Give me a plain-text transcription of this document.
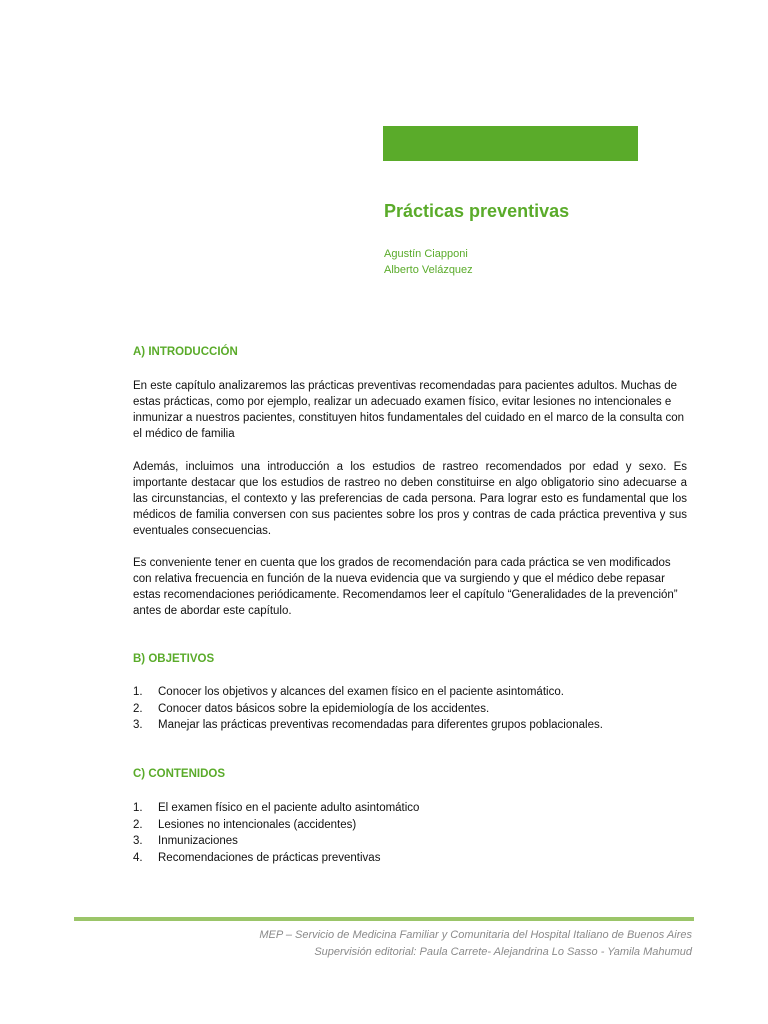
Prácticas preventivas
Agustín Ciapponi
Alberto Velázquez
A) INTRODUCCIÓN

En este capítulo analizaremos las prácticas preventivas recomendadas para pacientes adultos. Muchas de estas prácticas, como por ejemplo, realizar un adecuado examen físico, evitar lesiones no intencionales e inmunizar a nuestros pacientes, constituyen hitos fundamentales del cuidado en el marco de la consulta con el médico de familia

Además, incluimos una introducción a los estudios de rastreo recomendados por edad y sexo. Es importante destacar que los estudios de rastreo no deben constituirse en algo obligatorio sino adecuarse a las circunstancias, el contexto y las preferencias de cada persona. Para lograr esto es fundamental que los médicos de familia conversen con sus pacientes sobre los pros y contras de cada práctica preventiva y sus eventuales consecuencias.

Es conveniente tener en cuenta que los grados de recomendación para cada práctica se ven modificados con relativa frecuencia en función de la nueva evidencia que va surgiendo y que el médico debe repasar estas recomendaciones periódicamente. Recomendamos leer el capítulo “Generalidades de la prevención” antes de abordar este capítulo.

B) OBJETIVOS
1. Conocer los objetivos y alcances del examen físico en el paciente asintomático.
2. Conocer datos básicos sobre la epidemiología de los accidentes.
3. Manejar las prácticas preventivas recomendadas para diferentes grupos poblacionales.
C) CONTENIDOS
1. El examen físico en el paciente adulto asintomático
2. Lesiones no intencionales (accidentes)
3. Inmunizaciones
4. Recomendaciones de prácticas preventivas
MEP – Servicio de Medicina Familiar y Comunitaria del Hospital Italiano de Buenos Aires
Supervisión editorial: Paula Carrete- Alejandrina Lo Sasso - Yamila Mahumud
